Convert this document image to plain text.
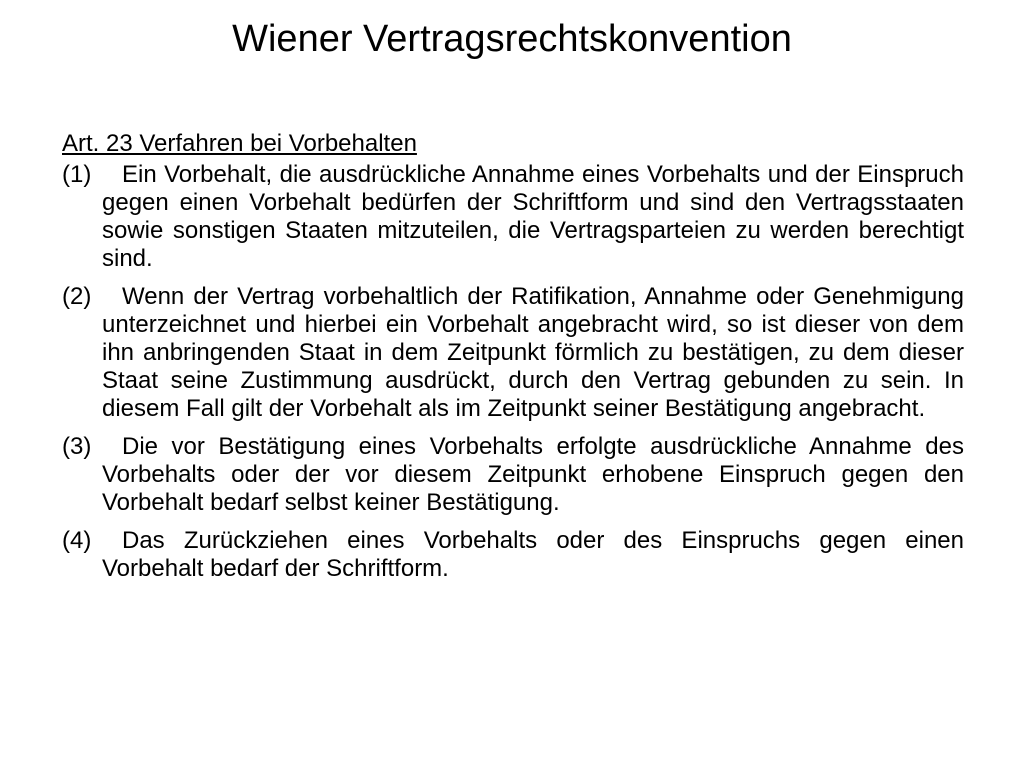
Wiener Vertragsrechtskonvention
Art. 23 Verfahren bei Vorbehalten
(1)	Ein Vorbehalt, die ausdrückliche Annahme eines Vorbehalts und der Einspruch gegen einen Vorbehalt bedürfen der Schriftform und sind den Vertragsstaaten sowie sonstigen Staaten mitzuteilen, die Vertragsparteien zu werden berechtigt sind.
(2)	Wenn der Vertrag vorbehaltlich der Ratifikation, Annahme oder Genehmigung unterzeichnet und hierbei ein Vorbehalt angebracht wird, so ist dieser von dem ihn anbringenden Staat in dem Zeitpunkt förmlich zu bestätigen, zu dem dieser Staat seine Zustimmung ausdrückt, durch den Vertrag gebunden zu sein. In diesem Fall gilt der Vorbehalt als im Zeitpunkt seiner Bestätigung angebracht.
(3)	Die vor Bestätigung eines Vorbehalts erfolgte ausdrückliche Annahme des Vorbehalts oder der vor diesem Zeitpunkt erhobene Einspruch gegen den Vorbehalt bedarf selbst keiner Bestätigung.
(4)	Das Zurückziehen eines Vorbehalts oder des Einspruchs gegen einen Vorbehalt bedarf der Schriftform.
